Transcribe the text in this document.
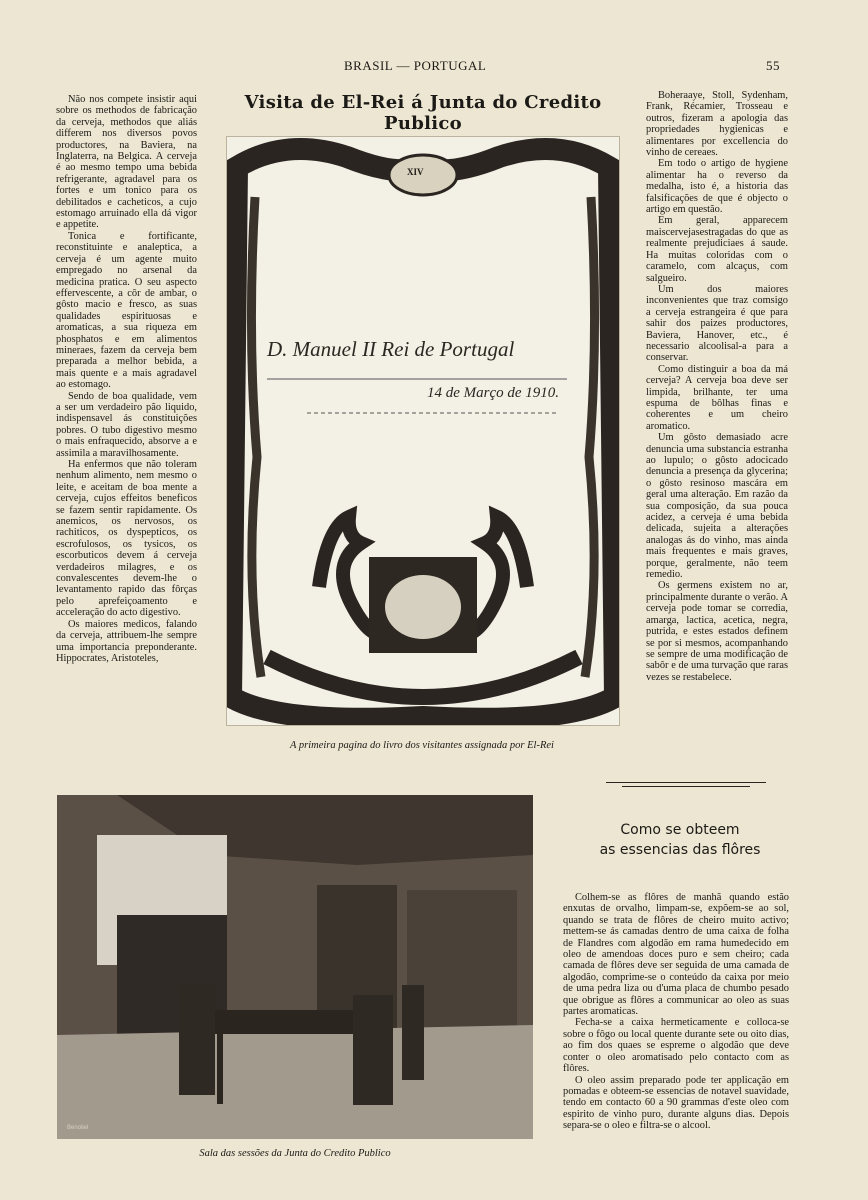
BRASIL — PORTUGAL	55
Visita de El-Rei á Junta do Credito Publico

Não nos compete insistir aqui sobre os methodos de fabricação da cerveja, methodos que aliás differem nos diversos povos productores, na Baviera, na Inglaterra, na Belgica. A cerveja é ao mesmo tempo uma bebida refrigerante, agradavel para os fortes e um tonico para os debilitados e cacheticos, a cujo estomago arruinado ella dá vigor e appetite.

Tonica e fortificante, reconstituinte e analeptica, a cerveja é um agente muito empregado no arsenal da medicina pratica. O seu aspecto effervescente, a côr de ambar, o gôsto macio e fresco, as suas qualidades espirituosas e aromaticas, a sua riqueza em phosphatos e em alimentos mineraes, fazem da cerveja bem preparada a melhor bebida, a mais quente e a mais agradavel ao estomago.

Sendo de boa qualidade, vem a ser um verdadeiro pão liquido, indispensavel ás constituições pobres. O tubo digestivo mesmo o mais enfraquecido, absorve a e assimila a maravilhosamente.

Ha enfermos que não toleram nenhum alimento, nem mesmo o leite, e aceitam de boa mente a cerveja, cujos effeitos beneficos se fazem sentir rapidamente. Os anemicos, os nervosos, os rachiticos, os dyspepticos, os escrofulosos, os tysicos, os escorbuticos devem á cerveja verdadeiros milagres, e os convalescentes devem-lhe o levantamento rapido das fôrças pelo aprefeiçoamento e acceleração do acto digestivo.

Os maiores medicos, falando da cerveja, attribuem-lhe sempre uma importancia preponderante. Hippocrates, Aristoteles,

Boheraaye, Stoll, Sydenham, Frank, Récamier, Trosseau e outros, fizeram a apologia das propriedades hygienicas e alimentares por excellencia do vinho de cereaes.

Em todo o artigo de hygiene alimentar ha o reverso da medalha, isto é, a historia das falsificações de que é objecto o artigo em questão.

Em geral, apparecem maiscervejasestragadas do que as realmente prejudiciaes á saude. Ha muitas coloridas com o caramelo, com alcaçus, com salgueiro.

Um dos maiores inconvenientes que traz comsigo a cerveja estrangeira é que para sahir dos paizes productores, Baviera, Hanover, etc., é necessario alcoolisal-a para a conservar.

Como distinguir a boa da má cerveja? A cerveja boa deve ser limpida, brilhante, ter uma espuma de bôlhas finas e coherentes e um cheiro aromatico.

Um gôsto demasiado acre denuncia uma substancia estranha ao lupulo; o gôsto adocicado denuncia a presença da glycerina; o gôsto resinoso mascára em geral uma alteração. Em razão da sua composição, da sua pouca acidez, a cerveja é uma bebida delicada, sujeita a alterações analogas ás do vinho, mas ainda mais frequentes e mais graves, porque, geralmente, não teem remedio.

Os germens existem no ar, principalmente durante o verão. A cerveja pode tomar se corredia, amarga, lactica, acetica, negra, putrida, e estes estados definem se por si mesmos, acompanhando se sempre de uma modificação de sabôr e de uma turvação que raras vezes se restabelece.

XIV
D. Manuel II Rei de Portugal
14 de Março de 1910.
A primeira pagina do livro dos visitantes assignada por El-Rei
Benoliel
Sala das sessões da Junta do Credito Publico
Como se obteem
as essencias das flôres

Colhem-se as flôres de manhã quando estão enxutas de orvalho, limpam-se, expõem-se ao sol, quando se trata de flôres de cheiro muito activo; mettem-se ás camadas dentro de uma caixa de folha de Flandres com algodão em rama humedecido em oleo de amendoas doces puro e sem cheiro; cada camada de flôres deve ser seguida de uma camada de algodão, comprime-se o conteúdo da caixa por meio de uma pedra liza ou d'uma placa de chumbo pesado que obrigue as flôres a communicar ao oleo as suas partes aromaticas.

Fecha-se a caixa hermeticamente e colloca-se sobre o fôgo ou local quente durante sete ou oito dias, ao fim dos quaes se espreme o algodão que deve conter o oleo aromatisado pelo contacto com as flôres.

O oleo assim preparado pode ter applicação em pomadas e obteem-se essencias de notavel suavidade, tendo em contacto 60 a 90 grammas d'este oleo com espirito de vinho puro, durante alguns dias. Depois separa-se o oleo e filtra-se o alcool.
